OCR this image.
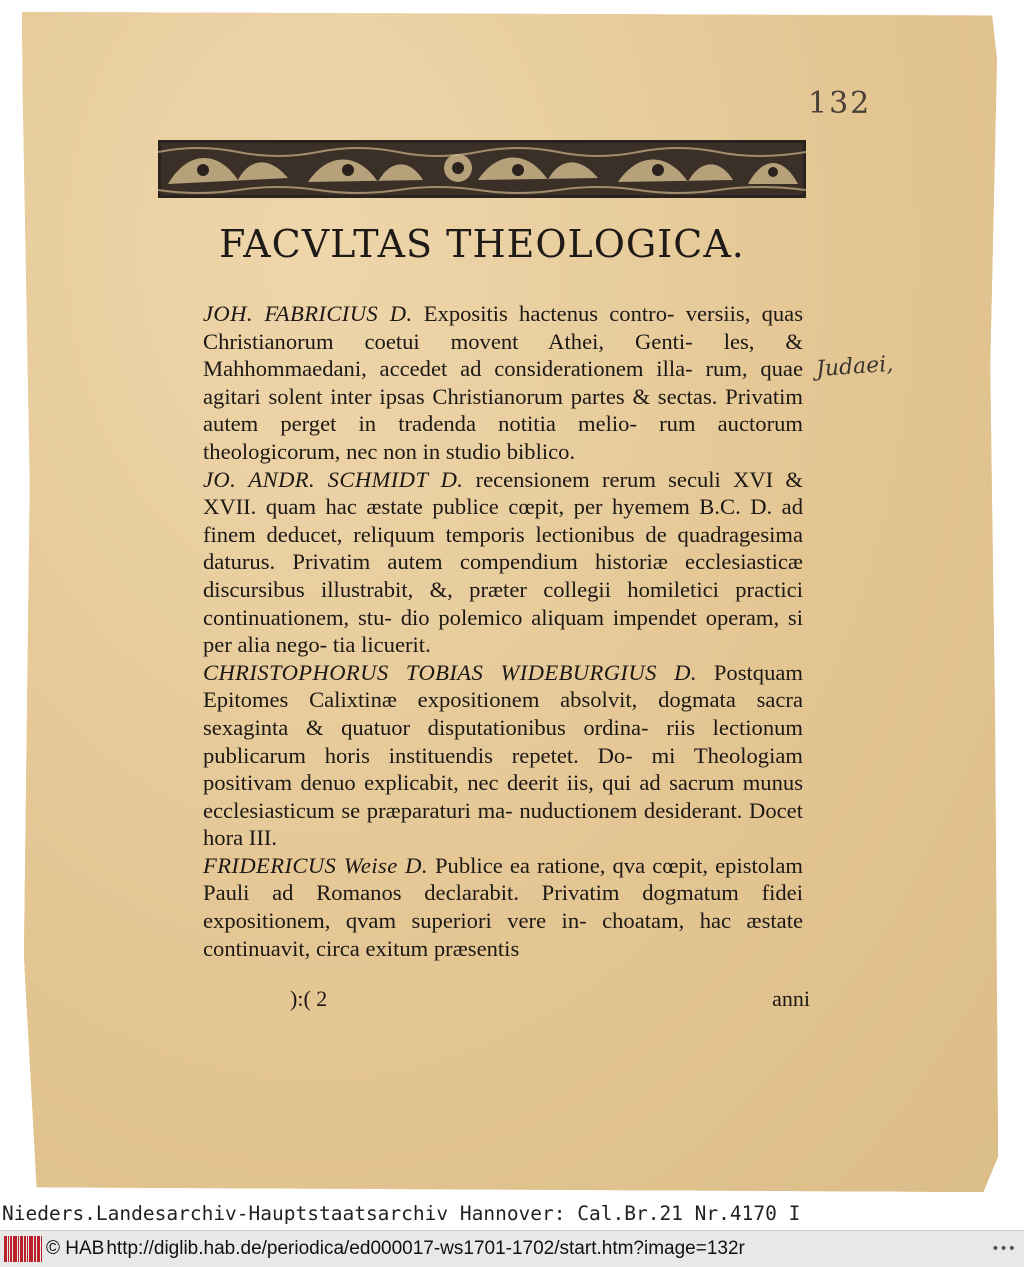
132
FACVLTAS THEOLOGICA.

JOH. FABRICIUS D. Expositis hactenus contro- versiis, quas Christianorum coetui movent Athei, Genti- les, & Mahhommaedani, accedet ad considerationem illa- rum, quae agitari solent inter ipsas Christianorum partes & sectas. Privatim autem perget in tradenda notitia melio- rum auctorum theologicorum, nec non in studio biblico.

JO. ANDR. SCHMIDT D. recensionem rerum seculi XVI & XVII. quam hac æstate publice cœpit, per hyemem B.C. D. ad finem deducet, reliquum temporis lectionibus de quadragesima daturus. Privatim autem compendium historiæ ecclesiasticæ discursibus illustrabit, &, præter collegii homiletici practici continuationem, stu- dio polemico aliquam impendet operam, si per alia nego- tia licuerit.

CHRISTOPHORUS TOBIAS WIDEBURGIUS D. Postquam Epitomes Calixtinæ expositionem absolvit, dogmata sacra sexaginta & quatuor disputationibus ordina- riis lectionum publicarum horis instituendis repetet. Do- mi Theologiam positivam denuo explicabit, nec deerit iis, qui ad sacrum munus ecclesiasticum se præparaturi ma- nuductionem desiderant. Docet hora III.

FRIDERICUS Weise D. Publice ea ratione, qva cœpit, epistolam Pauli ad Romanos declarabit. Privatim dogmatum fidei expositionem, qvam superiori vere in- choatam, hac æstate continuavit, circa exitum præsentis

Judaei,
):( 2	anni
Nieders.Landesarchiv-Hauptstaatsarchiv Hannover: Cal.Br.21 Nr.4170 I
© HAB http://diglib.hab.de/periodica/ed000017-ws1701-1702/start.htm?image=132r	•••
